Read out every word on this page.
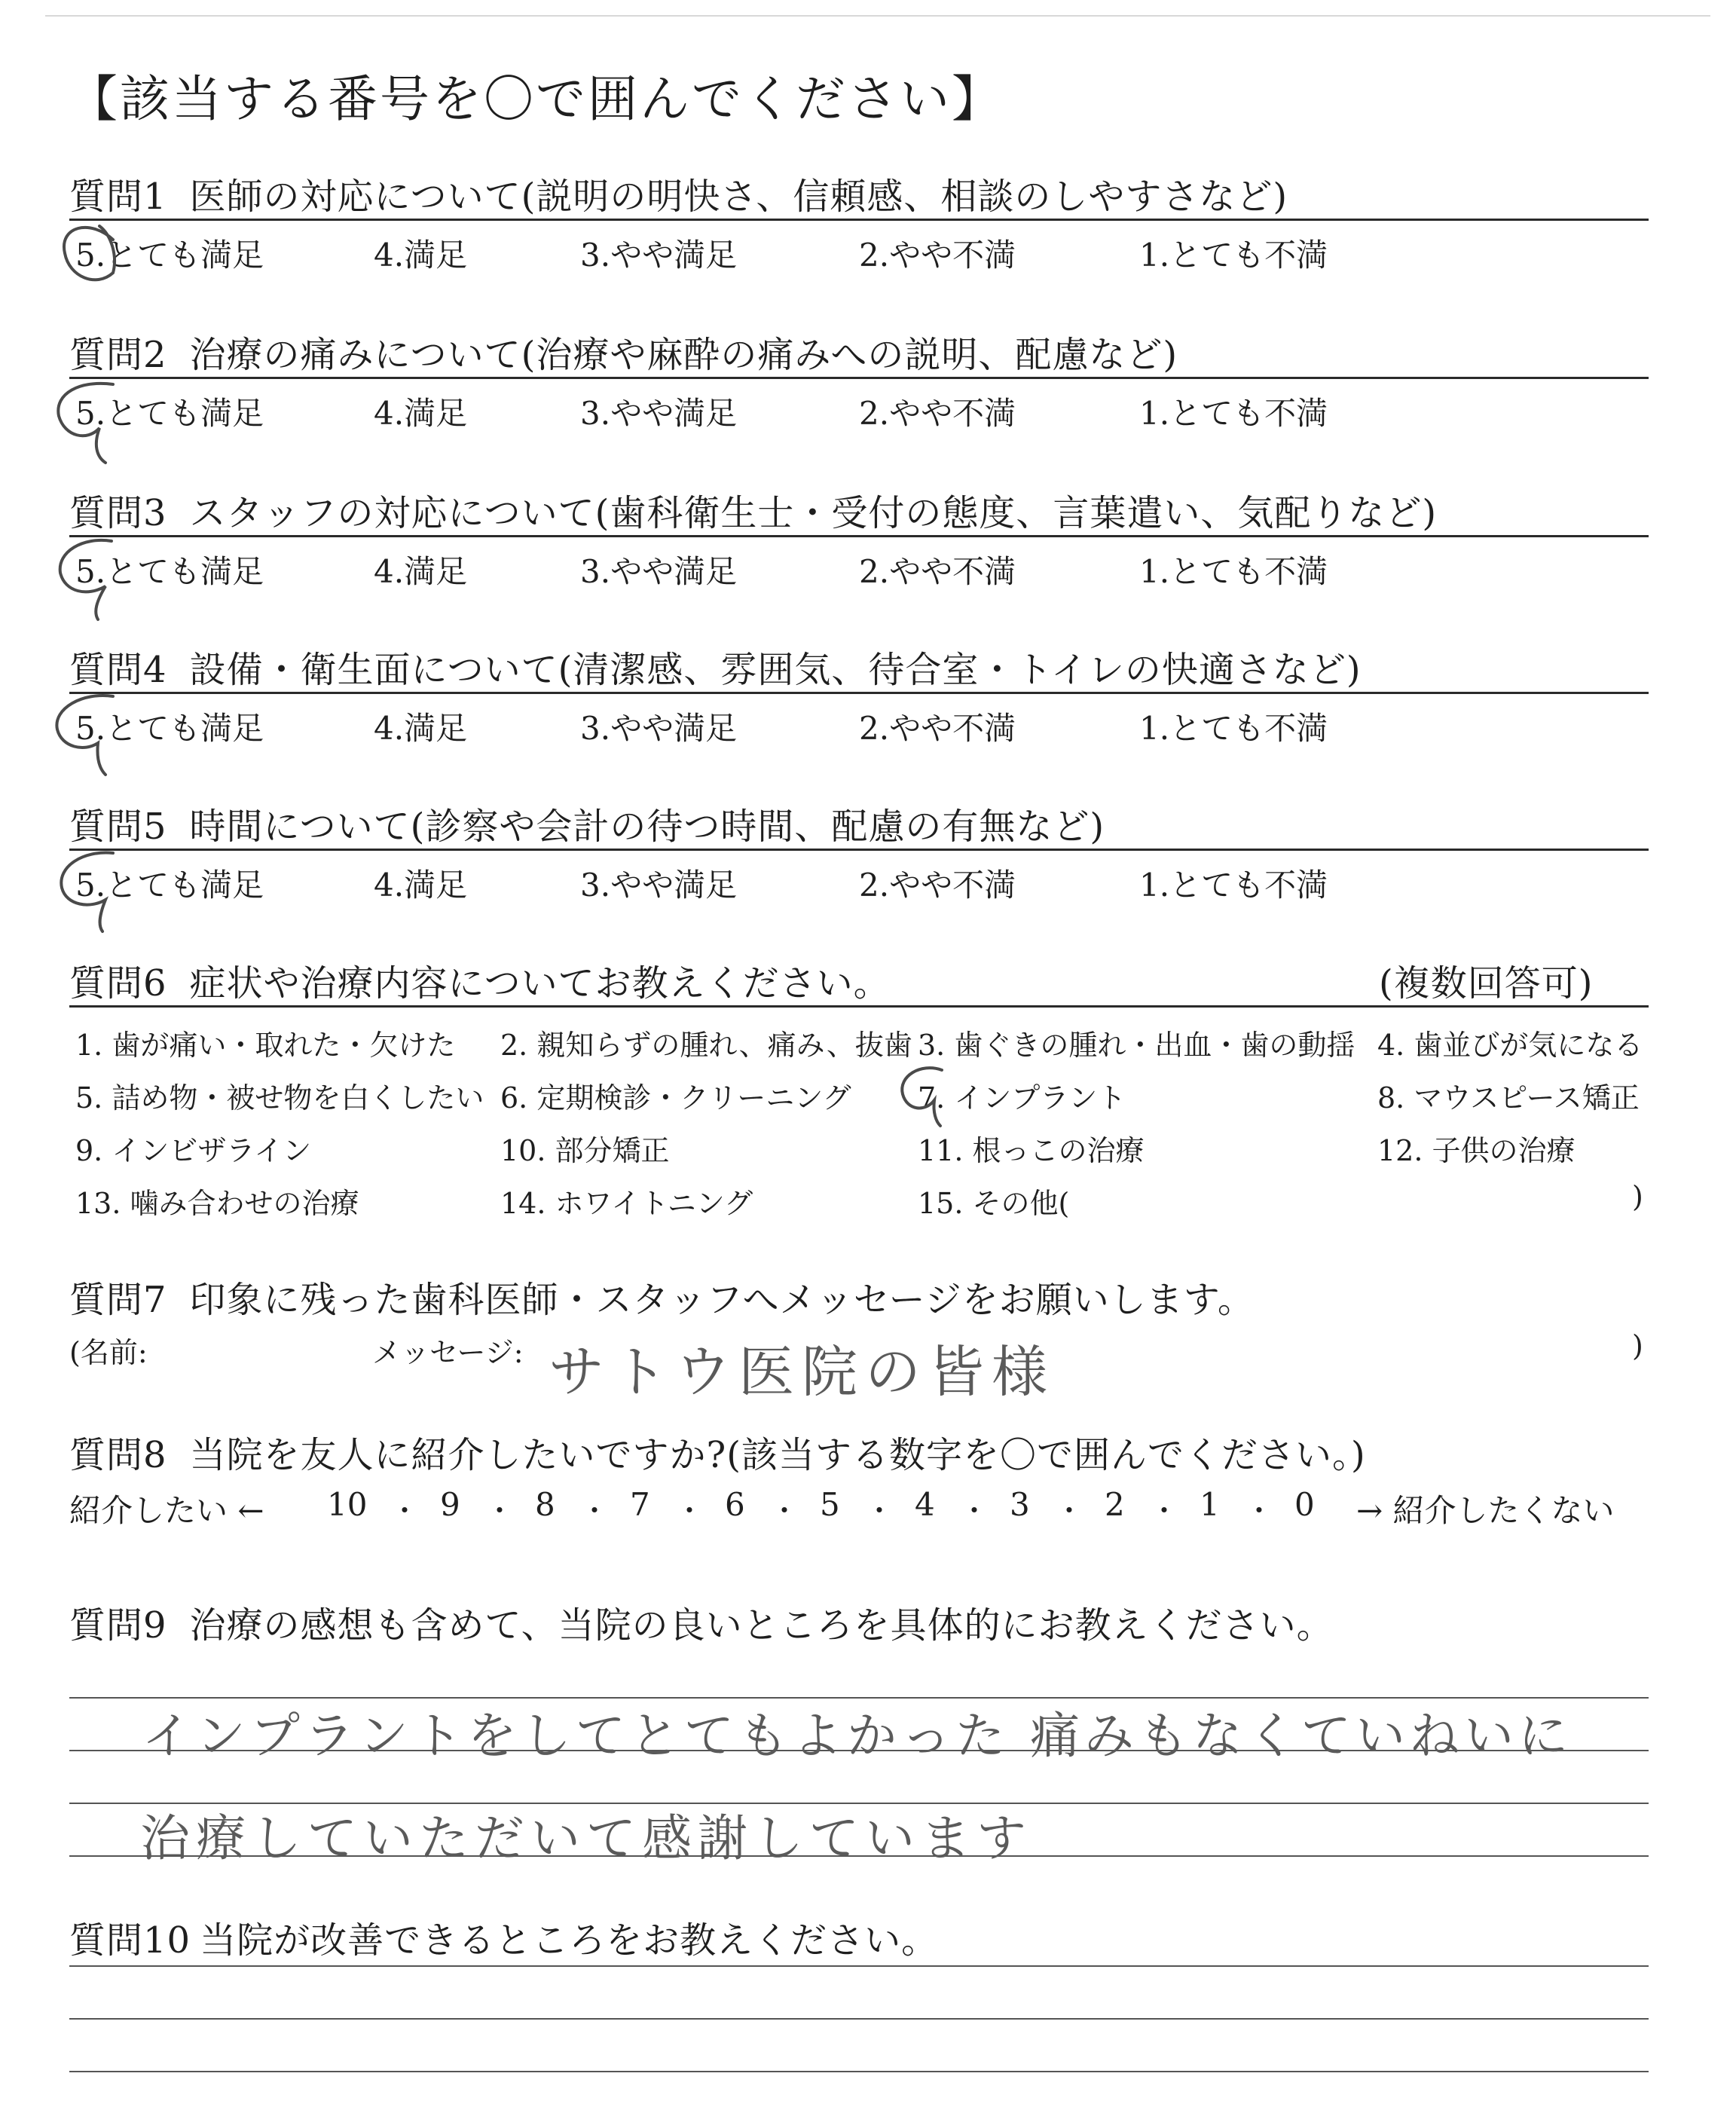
【該当する番号を〇で囲んでください】
質問1 医師の対応について(説明の明快さ、信頼感、相談のしやすさなど)
5.とても満足	4.満足	3.やや満足	2.やや不満	1.とても不満
質問2 治療の痛みについて(治療や麻酔の痛みへの説明、配慮など)
5.とても満足	4.満足	3.やや満足	2.やや不満	1.とても不満
質問3 スタッフの対応について(歯科衛生士・受付の態度、言葉遣い、気配りなど)
5.とても満足	4.満足	3.やや満足	2.やや不満	1.とても不満
質問4 設備・衛生面について(清潔感、雰囲気、待合室・トイレの快適さなど)
5.とても満足	4.満足	3.やや満足	2.やや不満	1.とても不満
質問5 時間について(診察や会計の待つ時間、配慮の有無など)
5.とても満足	4.満足	3.やや満足	2.やや不満	1.とても不満
質問6 症状や治療内容についてお教えください。	(複数回答可)
1. 歯が痛い・取れた・欠けた 2. 親知らずの腫れ、痛み、抜歯 3. 歯ぐきの腫れ・出血・歯の動揺 4. 歯並びが気になる
5. 詰め物・被せ物を白くしたい 6. 定期検診・クリーニング 7. インプラント	8. マウスピース矯正
9. インビザライン	10. 部分矯正	11. 根っこの治療	12. 子供の治療
13. 噛み合わせの治療	14. ホワイトニング	15. その他(	)
質問7 印象に残った歯科医師・スタッフへメッセージをお願いします。
(名前:	メッセージ:	)
サトウ医院の皆様
質問8 当院を友人に紹介したいですか?(該当する数字を〇で囲んでください。)
紹介したい ← 10 ・ 9 ・ 8 ・ 7 ・ 6 ・ 5 ・ 4 ・ 3 ・ 2 ・ 1 ・ 0 → 紹介したくない
質問9 治療の感想も含めて、当院の良いところを具体的にお教えください。
インプラントをしてとてもよかった 痛みもなくていねいに
治療していただいて感謝しています
質問10 当院が改善できるところをお教えください。
